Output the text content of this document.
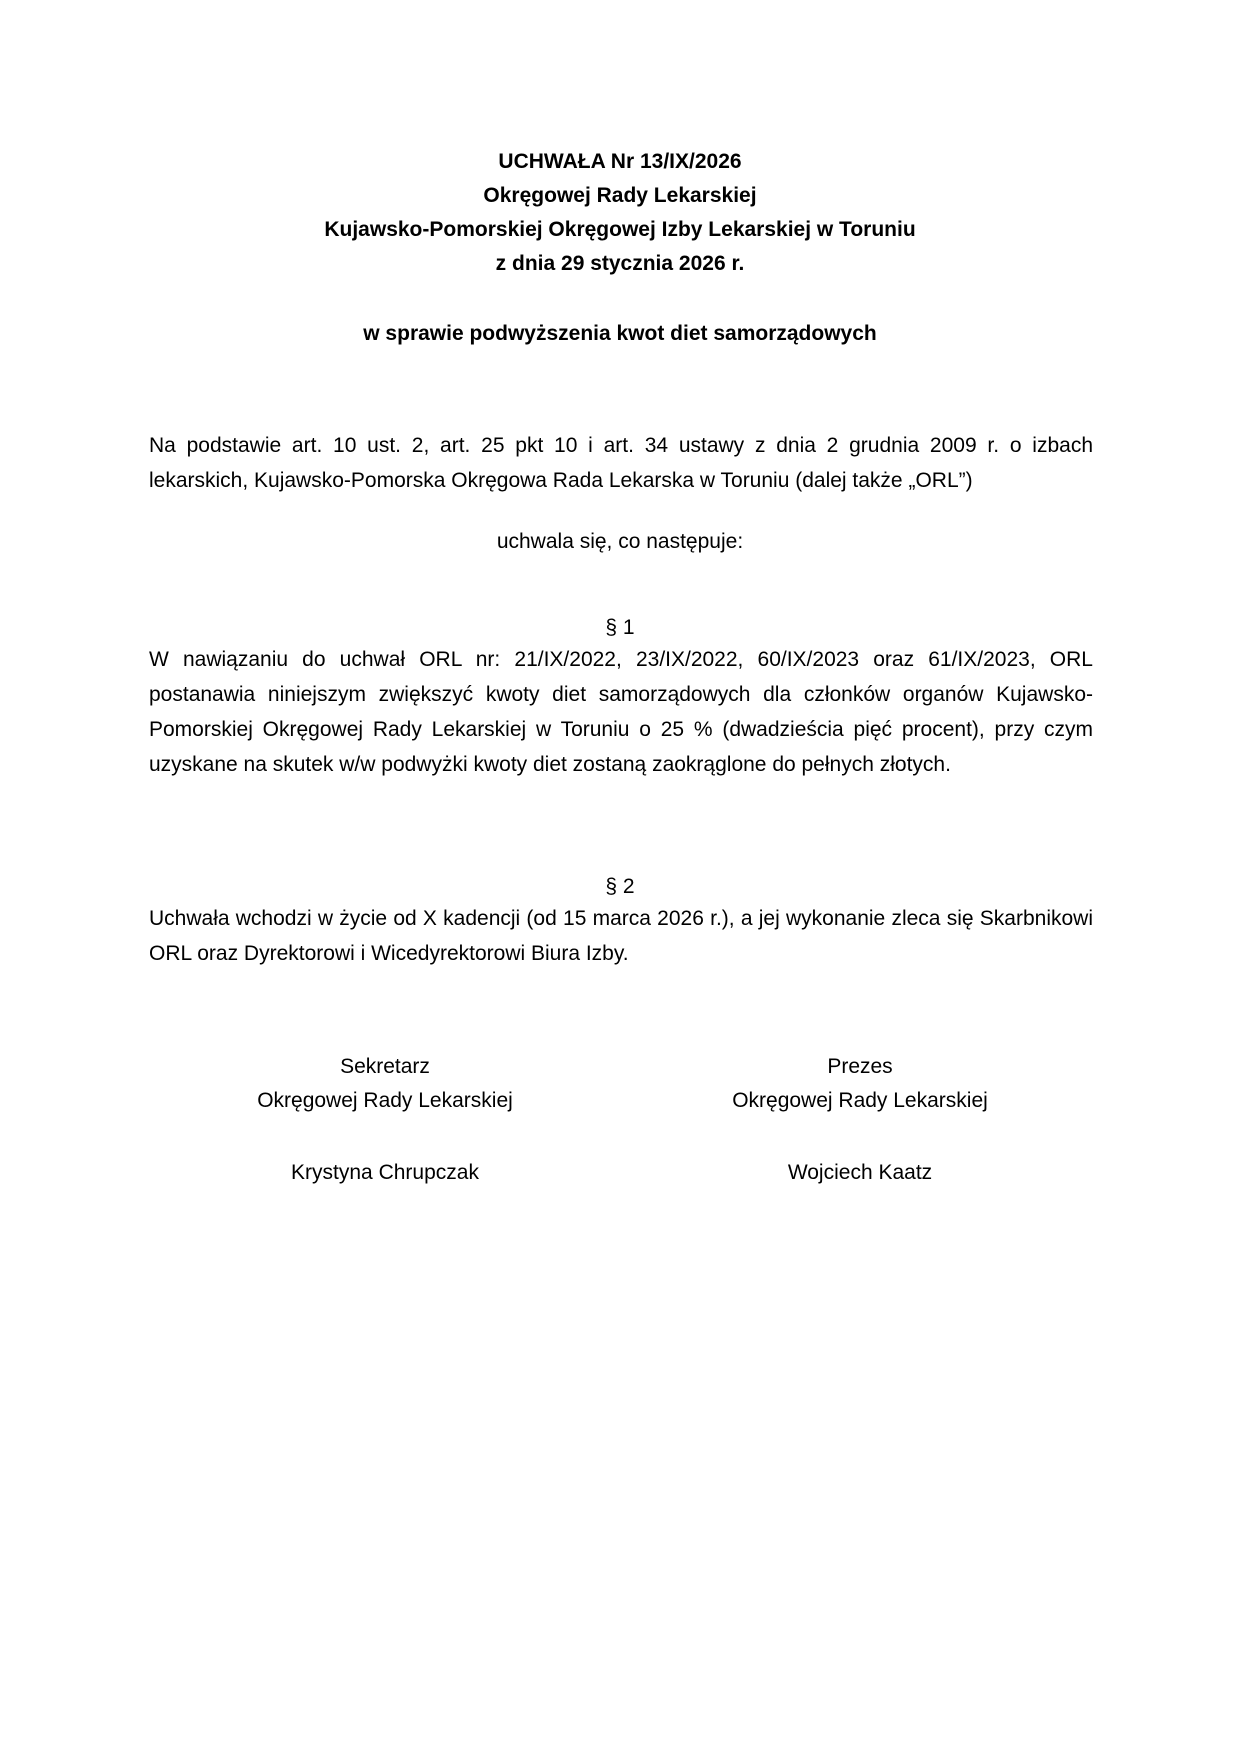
UCHWAŁA Nr 13/IX/2026
Okręgowej Rady Lekarskiej
Kujawsko-Pomorskiej Okręgowej Izby Lekarskiej w Toruniu
z dnia 29 stycznia 2026 r.
w sprawie podwyższenia kwot diet samorządowych
Na podstawie art. 10 ust. 2, art. 25 pkt 10 i art. 34 ustawy z dnia 2 grudnia 2009 r. o izbach lekarskich, Kujawsko-Pomorska Okręgowa Rada Lekarska w Toruniu (dalej także „ORL”)
uchwala się, co następuje:
§ 1
W nawiązaniu do uchwał ORL nr: 21/IX/2022, 23/IX/2022, 60/IX/2023 oraz 61/IX/2023, ORL postanawia niniejszym zwiększyć kwoty diet samorządowych dla członków organów Kujawsko-Pomorskiej Okręgowej Rady Lekarskiej w Toruniu o 25 % (dwadzieścia pięć procent), przy czym uzyskane na skutek w/w podwyżki kwoty diet zostaną zaokrąglone do pełnych złotych.
§ 2
Uchwała wchodzi w życie od X kadencji (od 15 marca 2026 r.), a jej wykonanie zleca się Skarbnikowi ORL oraz Dyrektorowi i Wicedyrektorowi Biura Izby.
Sekretarz
Okręgowej Rady Lekarskiej
Krystyna Chrupczak
Prezes
Okręgowej Rady Lekarskiej
Wojciech Kaatz
